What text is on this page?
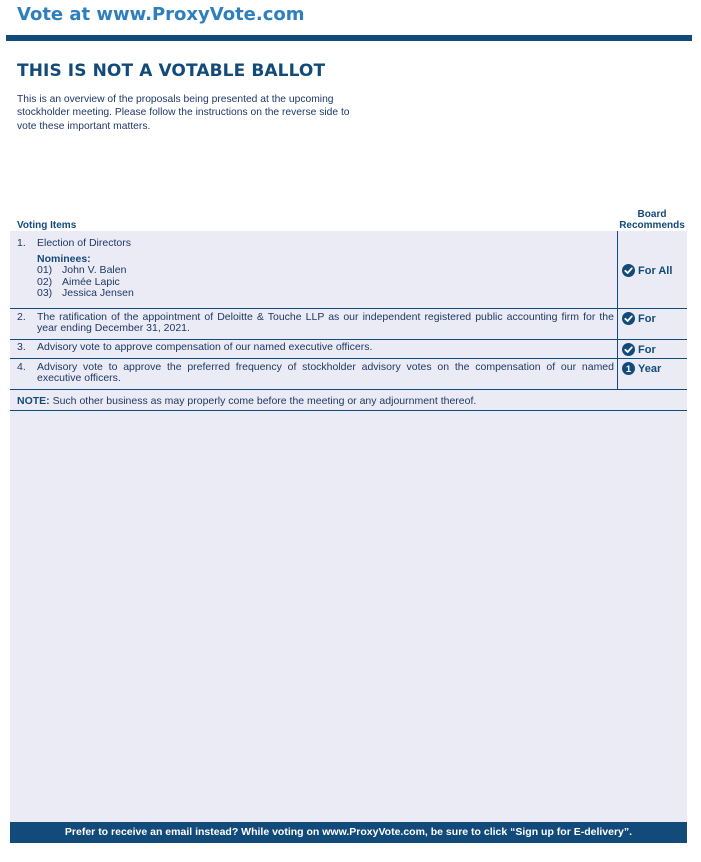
Vote at www.ProxyVote.com
THIS IS NOT A VOTABLE BALLOT
This is an overview of the proposals being presented at the upcoming stockholder meeting. Please follow the instructions on the reverse side to vote these important matters.
Voting Items
Board Recommends
1. Election of Directors
Nominees:
01) John V. Balen
02) Aimée Lapic
03) Jessica Jensen
For All
2. The ratification of the appointment of Deloitte & Touche LLP as our independent registered public accounting firm for the year ending December 31, 2021.
For
3. Advisory vote to approve compensation of our named executive officers.	For
4. Advisory vote to approve the preferred frequency of stockholder advisory votes on the compensation of our named executive officers.
1 Year
NOTE: Such other business as may properly come before the meeting or any adjournment thereof.
Prefer to receive an email instead? While voting on www.ProxyVote.com, be sure to click “Sign up for E-delivery”.
